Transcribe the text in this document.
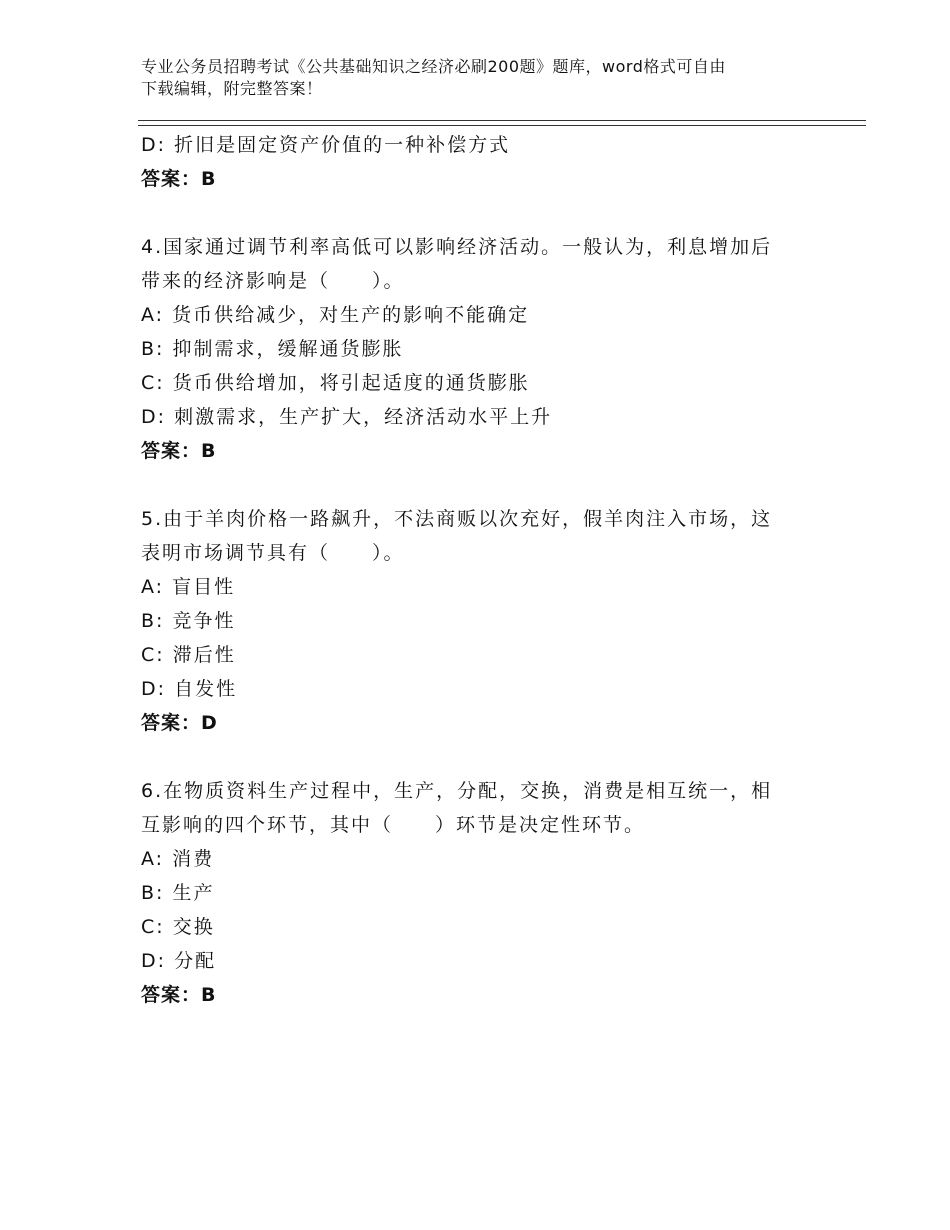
专业公务员招聘考试《公共基础知识之经济必刷200题》题库，word格式可自由
下载编辑，附完整答案！
D: 折旧是固定资产价值的一种补偿方式
答案：B
4.国家通过调节利率高低可以影响经济活动。一般认为，利息增加后
带来的经济影响是（　　）。
A: 货币供给减少，对生产的影响不能确定
B: 抑制需求，缓解通货膨胀
C: 货币供给增加，将引起适度的通货膨胀
D: 刺激需求，生产扩大，经济活动水平上升
答案：B
5.由于羊肉价格一路飙升，不法商贩以次充好，假羊肉注入市场，这
表明市场调节具有（　　）。
A: 盲目性
B: 竞争性
C: 滞后性
D: 自发性
答案：D
6.在物质资料生产过程中，生产，分配，交换，消费是相互统一，相
互影响的四个环节，其中（　　）环节是决定性环节。
A: 消费
B: 生产
C: 交换
D: 分配
答案：B
